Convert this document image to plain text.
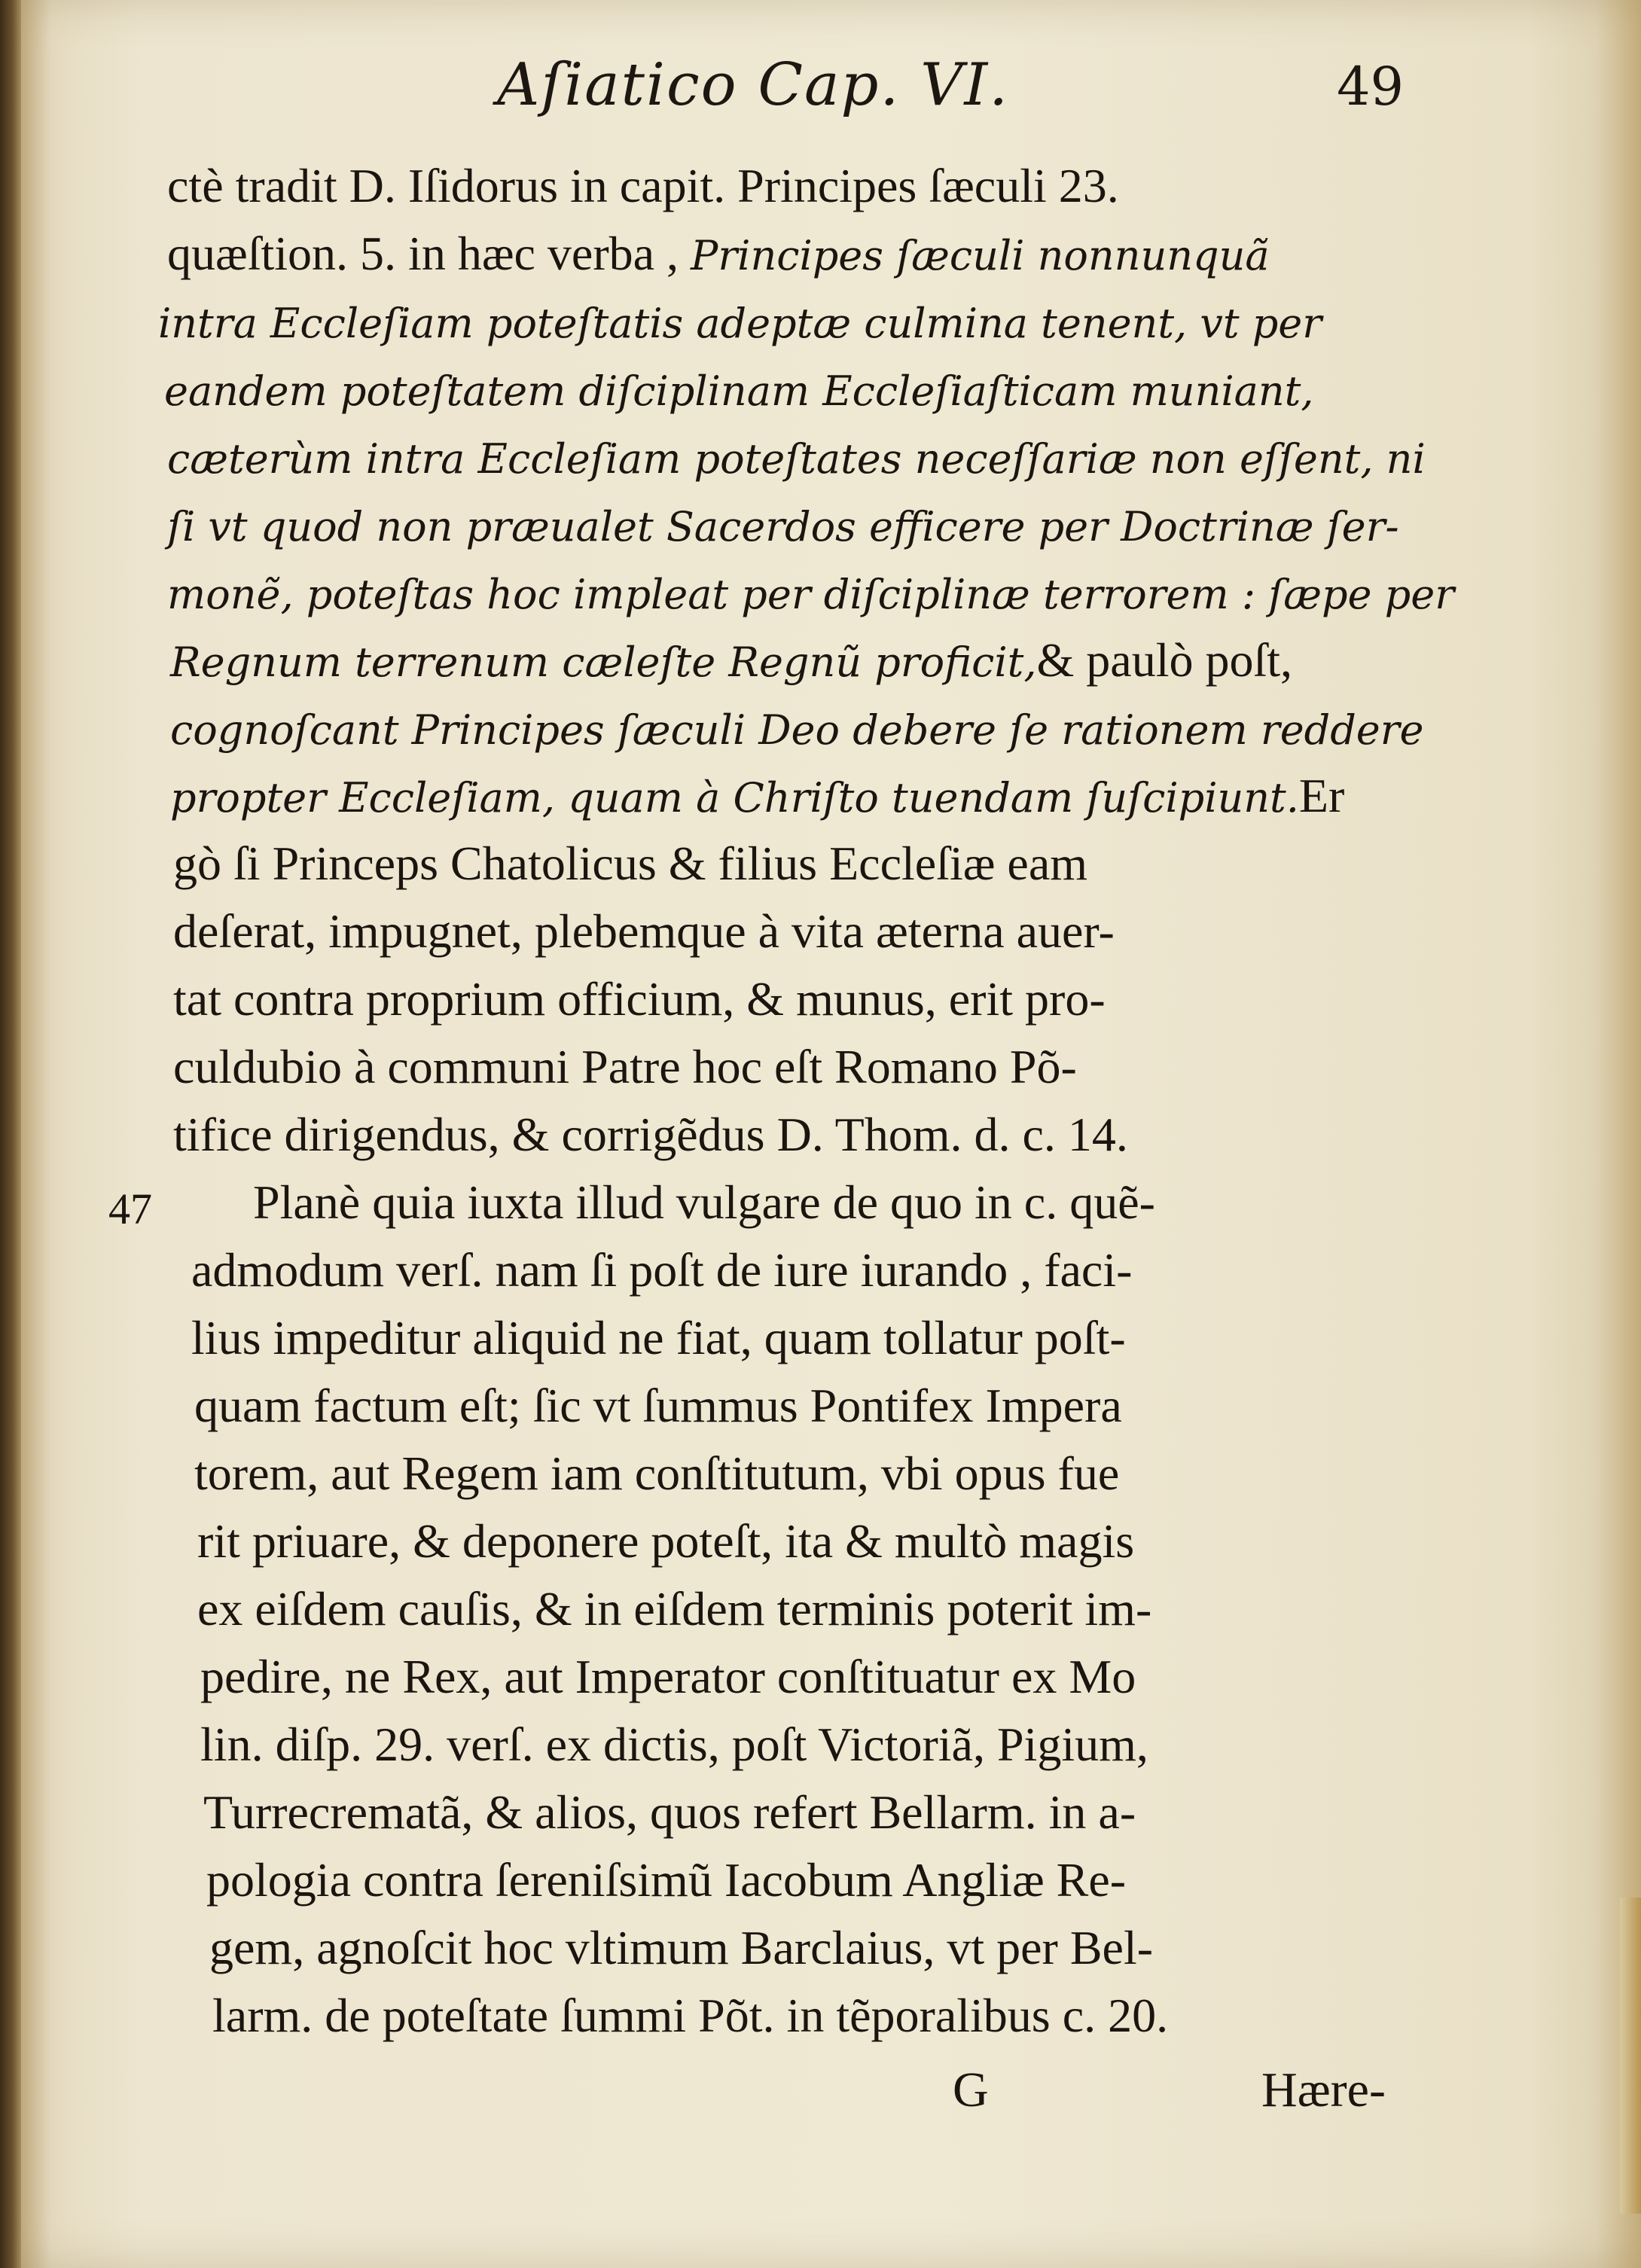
Aſiatico Cap. VI.	49
ctè tradit D. Iſidorus in capit. Principes ſæculi 23.
quæſtion. 5. in hæc verba , Principes ſæculi nonnunquã
intra Eccleſiam poteſtatis adeptæ culmina tenent, vt per
eandem poteſtatem diſciplinam Eccleſiaſticam muniant,
cæterùm intra Eccleſiam poteſtates neceſſariæ non eſſent, ni
ſi vt quod non præualet Sacerdos efficere per Doctrinæ ſer-
monẽ, poteſtas hoc impleat per diſciplinæ terrorem : ſæpe per
Regnum terrenum cæleſte Regnũ proficit,& paulò poſt,
cognoſcant Principes ſæculi Deo debere ſe rationem reddere
propter Eccleſiam, quam à Chriſto tuendam ſuſcipiunt.Er
gò ſi Princeps Chatolicus & filius Eccleſiæ eam
deſerat, impugnet, plebemque à vita æterna auer-
tat contra proprium officium, & munus, erit pro-
culdubio à communi Patre hoc eſt Romano Põ-
tifice dirigendus, & corrigẽdus D. Thom. d. c. 14.
47 Planè quia iuxta illud vulgare de quo in c. quẽ-
admodum verſ. nam ſi poſt de iure iurando , faci-
lius impeditur aliquid ne fiat, quam tollatur poſt-
quam factum eſt; ſic vt ſummus Pontifex Impera
torem, aut Regem iam conſtitutum, vbi opus fue
rit priuare, & deponere poteſt, ita & multò magis
ex eiſdem cauſis, & in eiſdem terminis poterit im-
pedire, ne Rex, aut Imperator conſtituatur ex Mo
lin. diſp. 29. verſ. ex dictis, poſt Victoriã, Pigium,
Turrecrematã, & alios, quos refert Bellarm. in a-
pologia contra ſereniſsimũ Iacobum Angliæ Re-
gem, agnoſcit hoc vltimum Barclaius, vt per Bel-
larm. de poteſtate ſummi Põt. in tẽporalibus c. 20.
G	Hære-
